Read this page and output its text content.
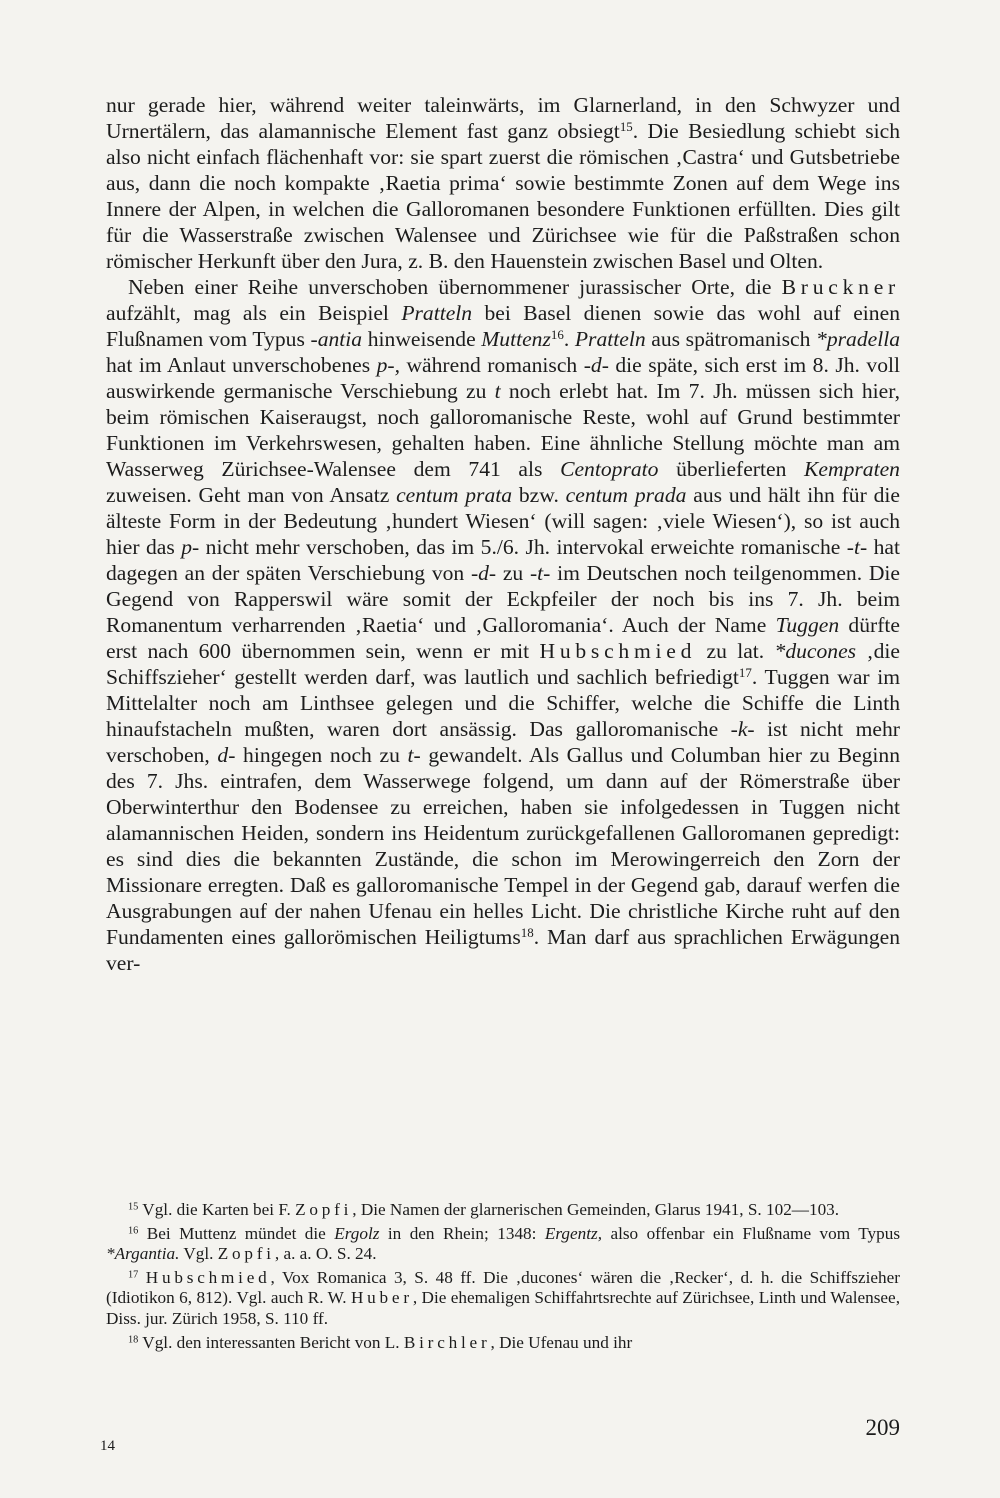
nur gerade hier, während weiter taleinwärts, im Glarnerland, in den Schwyzer und Urnertälern, das alamannische Element fast ganz obsiegt$^{15}$. Die Besiedlung schiebt sich also nicht einfach flächenhaft vor: sie spart zuerst die römischen ‚Castra‘ und Gutsbetriebe aus, dann die noch kompakte ‚Raetia prima‘ sowie bestimmte Zonen auf dem Wege ins Innere der Alpen, in welchen die Galloromanen besondere Funktionen erfüllten. Dies gilt für die Wasserstraße zwischen Walensee und Zürichsee wie für die Paßstraßen schon römischer Herkunft über den Jura, z. B. den Hauenstein zwischen Basel und Olten.

Neben einer Reihe unverschoben übernommener jurassischer Orte, die Bruckner aufzählt, mag als ein Beispiel Pratteln bei Basel dienen sowie das wohl auf einen Flußnamen vom Typus -antia hinweisende Muttenz$^{16}$. Pratteln aus spätromanisch *pradella hat im Anlaut unverschobenes p-, während romanisch -d- die späte, sich erst im 8. Jh. voll auswirkende germanische Verschiebung zu t noch erlebt hat. Im 7. Jh. müssen sich hier, beim römischen Kaiseraugst, noch galloromanische Reste, wohl auf Grund bestimmter Funktionen im Verkehrswesen, gehalten haben. Eine ähnliche Stellung möchte man am Wasserweg Zürichsee-Walensee dem 741 als Centoprato überlieferten Kempraten zuweisen. Geht man von Ansatz centum prata bzw. centum prada aus und hält ihn für die älteste Form in der Bedeutung ‚hundert Wiesen‘ (will sagen: ‚viele Wiesen‘), so ist auch hier das p- nicht mehr verschoben, das im 5./6. Jh. intervokal erweichte romanische -t- hat dagegen an der späten Verschiebung von -d- zu -t- im Deutschen noch teilgenommen. Die Gegend von Rapperswil wäre somit der Eckpfeiler der noch bis ins 7. Jh. beim Romanentum verharrenden ‚Raetia‘ und ‚Galloromania‘. Auch der Name Tuggen dürfte erst nach 600 übernommen sein, wenn er mit Hubschmied zu lat. *ducones ‚die Schiffszieher‘ gestellt werden darf, was lautlich und sachlich befriedigt$^{17}$. Tuggen war im Mittelalter noch am Linthsee gelegen und die Schiffer, welche die Schiffe die Linth hinaufstacheln mußten, waren dort ansässig. Das galloromanische -k- ist nicht mehr verschoben, d- hingegen noch zu t- gewandelt. Als Gallus und Columban hier zu Beginn des 7. Jhs. eintrafen, dem Wasserwege folgend, um dann auf der Römerstraße über Oberwinterthur den Bodensee zu erreichen, haben sie infolgedessen in Tuggen nicht alamannischen Heiden, sondern ins Heidentum zurückgefallenen Galloromanen gepredigt: es sind dies die bekannten Zustände, die schon im Merowingerreich den Zorn der Missionare erregten. Daß es galloromanische Tempel in der Gegend gab, darauf werfen die Ausgrabungen auf der nahen Ufenau ein helles Licht. Die christliche Kirche ruht auf den Fundamenten eines gallorömischen Heiligtums$^{18}$. Man darf aus sprachlichen Erwägungen ver-

$^{15}$ Vgl. die Karten bei F. Zopfi, Die Namen der glarnerischen Gemeinden, Glarus 1941, S. 102—103.

$^{16}$ Bei Muttenz mündet die Ergolz in den Rhein; 1348: Ergentz, also offenbar ein Flußname vom Typus *Argantia. Vgl. Zopfi, a. a. O. S. 24.

$^{17}$ Hubschmied, Vox Romanica 3, S. 48 ff. Die ‚ducones‘ wären die ‚Recker‘, d. h. die Schiffszieher (Idiotikon 6, 812). Vgl. auch R. W. Huber, Die ehemaligen Schiffahrtsrechte auf Zürichsee, Linth und Walensee, Diss. jur. Zürich 1958, S. 110 ff.

$^{18}$ Vgl. den interessanten Bericht von L. Birchler, Die Ufenau und ihr

209
14
